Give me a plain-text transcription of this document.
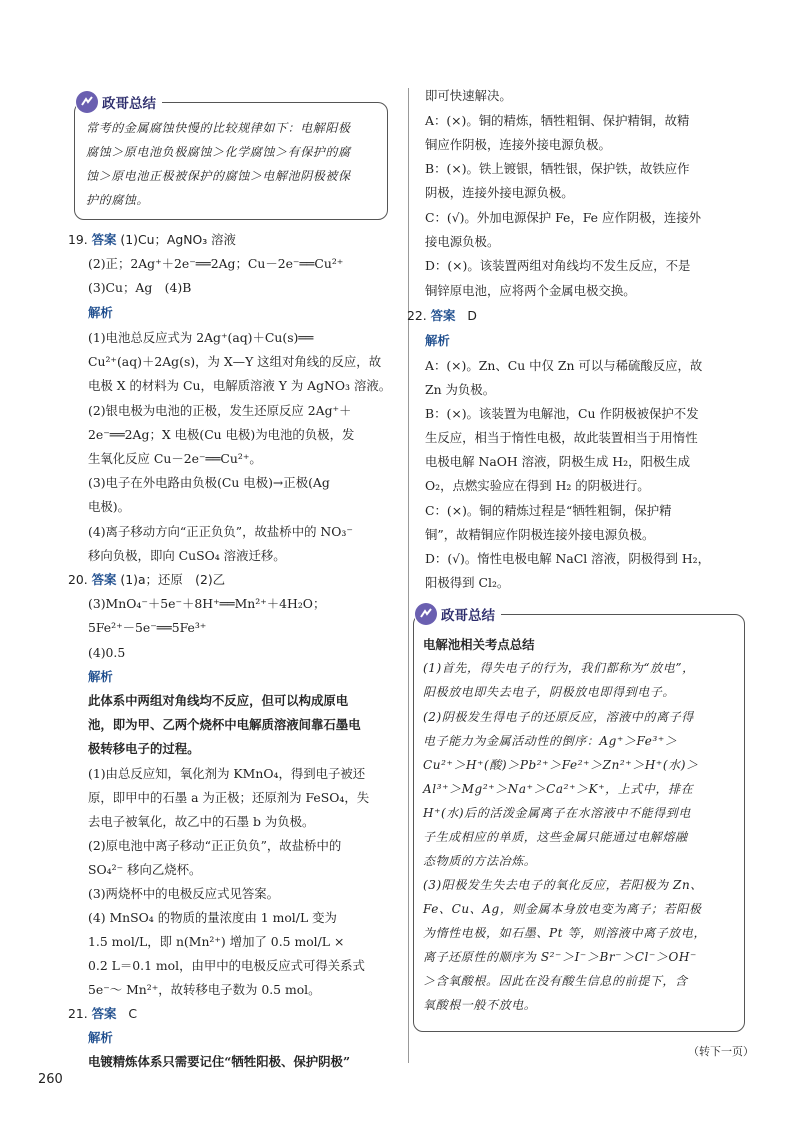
政哥总结
常考的金属腐蚀快慢的比较规律如下：电解阳极
腐蚀＞原电池负极腐蚀＞化学腐蚀＞有保护的腐
蚀＞原电池正极被保护的腐蚀＞电解池阴极被保
护的腐蚀。
19. 答案 (1)Cu；AgNO₃ 溶液
(2)正；2Ag⁺＋2e⁻══2Ag；Cu－2e⁻══Cu²⁺
(3)Cu；Ag　(4)B
解析
(1)电池总反应式为 2Ag⁺(aq)＋Cu(s)══
Cu²⁺(aq)＋2Ag(s)，为 X—Y 这组对角线的反应，故
电极 X 的材料为 Cu，电解质溶液 Y 为 AgNO₃ 溶液。
(2)银电极为电池的正极，发生还原反应 2Ag⁺＋
2e⁻══2Ag；X 电极(Cu 电极)为电池的负极，发
生氧化反应 Cu－2e⁻══Cu²⁺。
(3)电子在外电路由负极(Cu 电极)→正极(Ag
电极)。
(4)离子移动方向“正正负负”，故盐桥中的 NO₃⁻
移向负极，即向 CuSO₄ 溶液迁移。
20. 答案 (1)a；还原　(2)乙
(3)MnO₄⁻＋5e⁻＋8H⁺══Mn²⁺＋4H₂O；
5Fe²⁺－5e⁻══5Fe³⁺
(4)0.5
解析
此体系中两组对角线均不反应，但可以构成原电
池，即为甲、乙两个烧杯中电解质溶液间靠石墨电
极转移电子的过程。
(1)由总反应知，氧化剂为 KMnO₄，得到电子被还
原，即甲中的石墨 a 为正极；还原剂为 FeSO₄，失
去电子被氧化，故乙中的石墨 b 为负极。
(2)原电池中离子移动“正正负负”，故盐桥中的
SO₄²⁻ 移向乙烧杯。
(3)两烧杯中的电极反应式见答案。
(4) MnSO₄ 的物质的量浓度由 1 mol/L 变为
1.5 mol/L，即 n(Mn²⁺) 增加了 0.5 mol/L ×
0.2 L＝0.1 mol，由甲中的电极反应式可得关系式
5e⁻～ Mn²⁺，故转移电子数为 0.5 mol。
21. 答案 C
解析
电镀精炼体系只需要记住“牺牲阳极、保护阴极”
即可快速解决。
A：(×)。铜的精炼，牺牲粗铜、保护精铜，故精
铜应作阴极，连接外接电源负极。
B：(×)。铁上镀银，牺牲银，保护铁，故铁应作
阴极，连接外接电源负极。
C：(√)。外加电源保护 Fe，Fe 应作阴极，连接外
接电源负极。
D：(×)。该装置两组对角线均不发生反应，不是
铜锌原电池，应将两个金属电极交换。
22. 答案 D
解析
A：(×)。Zn、Cu 中仅 Zn 可以与稀硫酸反应，故
Zn 为负极。
B：(×)。该装置为电解池，Cu 作阴极被保护不发
生反应，相当于惰性电极，故此装置相当于用惰性
电极电解 NaOH 溶液，阴极生成 H₂，阳极生成
O₂，点燃实验应在得到 H₂ 的阴极进行。
C：(×)。铜的精炼过程是“牺牲粗铜，保护精
铜”，故精铜应作阴极连接外接电源负极。
D：(√)。惰性电极电解 NaCl 溶液，阴极得到 H₂，
阳极得到 Cl₂。
政哥总结
电解池相关考点总结
(1)首先，得失电子的行为，我们都称为“放电”，
阳极放电即失去电子，阴极放电即得到电子。
(2)阴极发生得电子的还原反应，溶液中的离子得
电子能力为金属活动性的倒序：Ag⁺＞Fe³⁺＞
Cu²⁺＞H⁺(酸)＞Pb²⁺＞Fe²⁺＞Zn²⁺＞H⁺(水)＞
Al³⁺＞Mg²⁺＞Na⁺＞Ca²⁺＞K⁺，上式中，排在
H⁺(水)后的活泼金属离子在水溶液中不能得到电
子生成相应的单质，这些金属只能通过电解熔融
态物质的方法冶炼。
(3)阳极发生失去电子的氧化反应，若阳极为 Zn、
Fe、Cu、Ag，则金属本身放电变为离子；若阳极
为惰性电极，如石墨、Pt 等，则溶液中离子放电，
离子还原性的顺序为 S²⁻＞I⁻＞Br⁻＞Cl⁻＞OH⁻
＞含氧酸根。因此在没有酸生信息的前提下，含
氧酸根一般不放电。
（转下一页）
260
